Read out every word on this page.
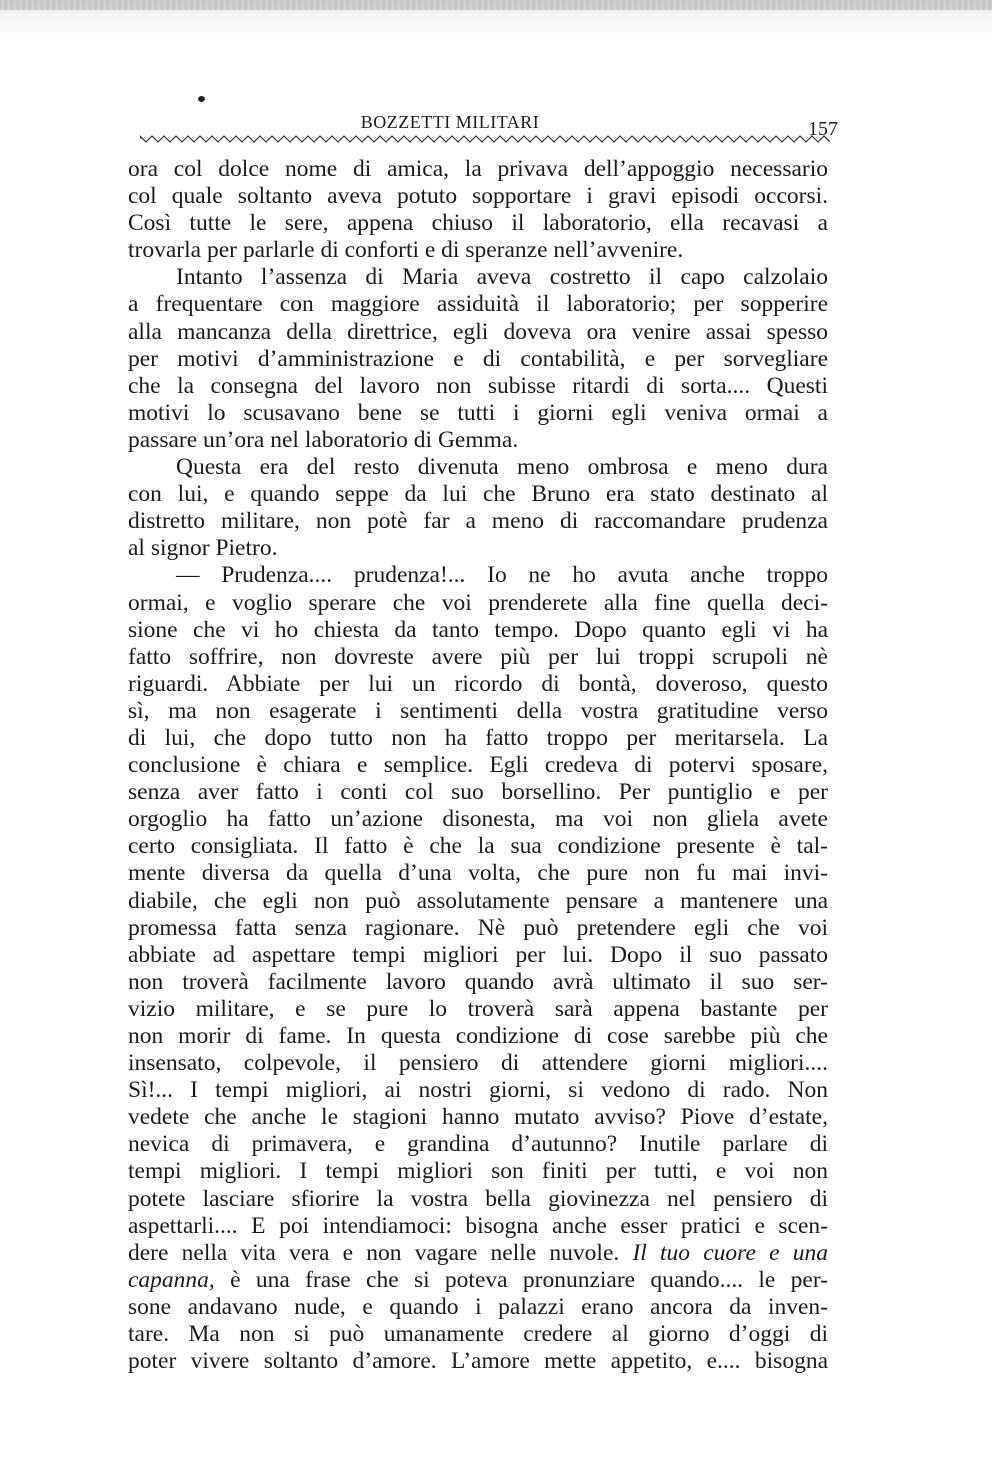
BOZZETTI MILITARI	157
ora col dolce nome di amica, la privava dell’appoggio necessario
col quale soltanto aveva potuto sopportare i gravi episodi occorsi.
Così tutte le sere, appena chiuso il laboratorio, ella recavasi a
trovarla per parlarle di conforti e di speranze nell’avvenire.
Intanto l’assenza di Maria aveva costretto il capo calzolaio
a frequentare con maggiore assiduità il laboratorio; per sopperire
alla mancanza della direttrice, egli doveva ora venire assai spesso
per motivi d’amministrazione e di contabilità, e per sorvegliare
che la consegna del lavoro non subisse ritardi di sorta.... Questi
motivi lo scusavano bene se tutti i giorni egli veniva ormai a
passare un’ora nel laboratorio di Gemma.
Questa era del resto divenuta meno ombrosa e meno dura
con lui, e quando seppe da lui che Bruno era stato destinato al
distretto militare, non potè far a meno di raccomandare prudenza
al signor Pietro.
— Prudenza.... prudenza!... Io ne ho avuta anche troppo
ormai, e voglio sperare che voi prenderete alla fine quella deci-
sione che vi ho chiesta da tanto tempo. Dopo quanto egli vi ha
fatto soffrire, non dovreste avere più per lui troppi scrupoli nè
riguardi. Abbiate per lui un ricordo di bontà, doveroso, questo
sì, ma non esagerate i sentimenti della vostra gratitudine verso
di lui, che dopo tutto non ha fatto troppo per meritarsela. La
conclusione è chiara e semplice. Egli credeva di potervi sposare,
senza aver fatto i conti col suo borsellino. Per puntiglio e per
orgoglio ha fatto un’azione disonesta, ma voi non gliela avete
certo consigliata. Il fatto è che la sua condizione presente è tal-
mente diversa da quella d’una volta, che pure non fu mai invi-
diabile, che egli non può assolutamente pensare a mantenere una
promessa fatta senza ragionare. Nè può pretendere egli che voi
abbiate ad aspettare tempi migliori per lui. Dopo il suo passato
non troverà facilmente lavoro quando avrà ultimato il suo ser-
vizio militare, e se pure lo troverà sarà appena bastante per
non morir di fame. In questa condizione di cose sarebbe più che
insensato, colpevole, il pensiero di attendere giorni migliori....
Sì!... I tempi migliori, ai nostri giorni, si vedono di rado. Non
vedete che anche le stagioni hanno mutato avviso? Piove d’estate,
nevica di primavera, e grandina d’autunno? Inutile parlare di
tempi migliori. I tempi migliori son finiti per tutti, e voi non
potete lasciare sfiorire la vostra bella giovinezza nel pensiero di
aspettarli.... E poi intendiamoci: bisogna anche esser pratici e scen-
dere nella vita vera e non vagare nelle nuvole. Il tuo cuore e una
capanna, è una frase che si poteva pronunziare quando.... le per-
sone andavano nude, e quando i palazzi erano ancora da inven-
tare. Ma non si può umanamente credere al giorno d’oggi di
poter vivere soltanto d’amore. L’amore mette appetito, e.... bisogna
